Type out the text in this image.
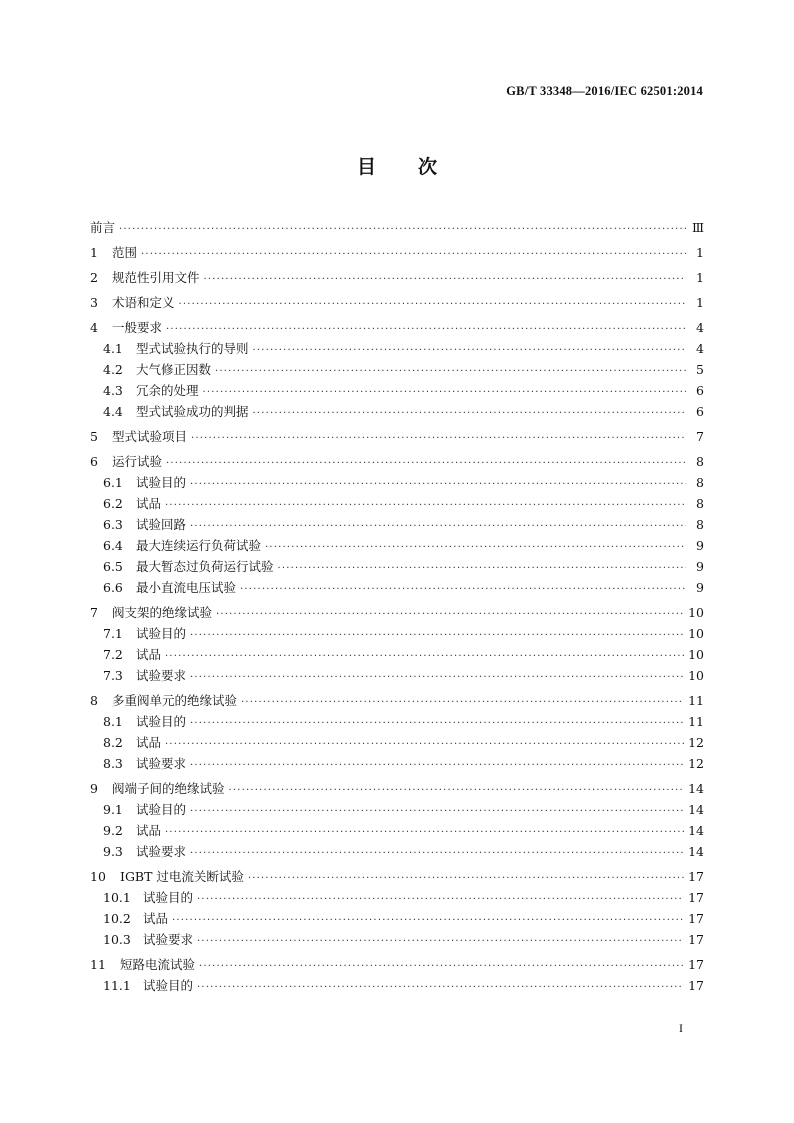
GB/T 33348—2016/IEC 62501:2014
目 次
前言 ·····	Ⅲ
1	范围 ·····	1
2	规范性引用文件 ·····	1
3	术语和定义 ·····	1
4	一般要求 ·····	4
4.1	型式试验执行的导则 ·····	4
4.2	大气修正因数 ·····	5
4.3	冗余的处理 ·····	6
4.4	型式试验成功的判据 ·····	6
5	型式试验项目 ·····	7
6	运行试验 ·····	8
6.1	试验目的 ·····	8
6.2	试品 ·····	8
6.3	试验回路 ·····	8
6.4	最大连续运行负荷试验 ·····	9
6.5	最大暂态过负荷运行试验 ·····	9
6.6	最小直流电压试验 ·····	9
7	阀支架的绝缘试验 ·····	10
7.1	试验目的 ·····	10
7.2	试品 ·····	10
7.3	试验要求 ·····	10
8	多重阀单元的绝缘试验 ·····	11
8.1	试验目的 ·····	11
8.2	试品 ·····	12
8.3	试验要求 ·····	12
9	阀端子间的绝缘试验 ·····	14
9.1	试验目的 ·····	14
9.2	试品 ·····	14
9.3	试验要求 ·····	14
10	IGBT 过电流关断试验 ·····	17
10.1 试验目的 ·····	17
10.2 试品 ·····	17
10.3 试验要求 ·····	17
11	短路电流试验 ·····	17
11.1 试验目的 ·····	17
I
